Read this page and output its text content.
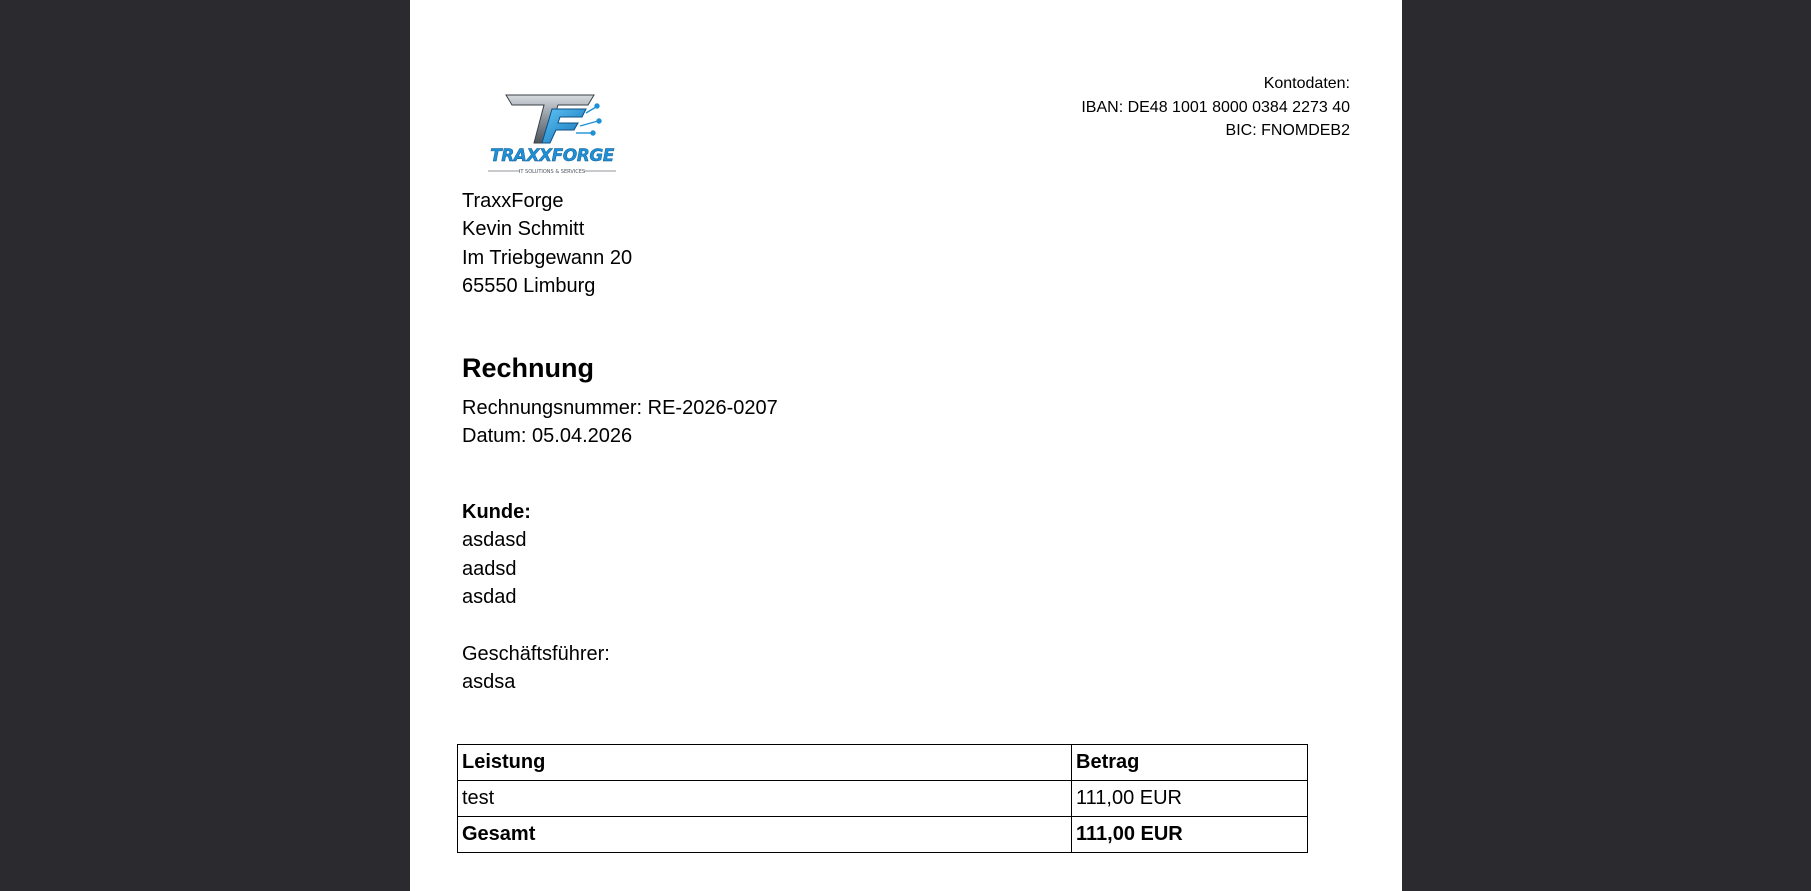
TRAXXFORGE
IT SOLUTIONS & SERVICES
Kontodaten:
IBAN: DE48 1001 8000 0384 2273 40
BIC: FNOMDEB2
TraxxForge
Kevin Schmitt
Im Triebgewann 20
65550 Limburg
Rechnung
Rechnungsnummer: RE-2026-0207
Datum: 05.04.2026
Kunde:
asdasd
aadsd
asdad
Geschäftsführer:
asdsa
Leistung	Betrag
test	111,00 EUR
Gesamt	111,00 EUR
